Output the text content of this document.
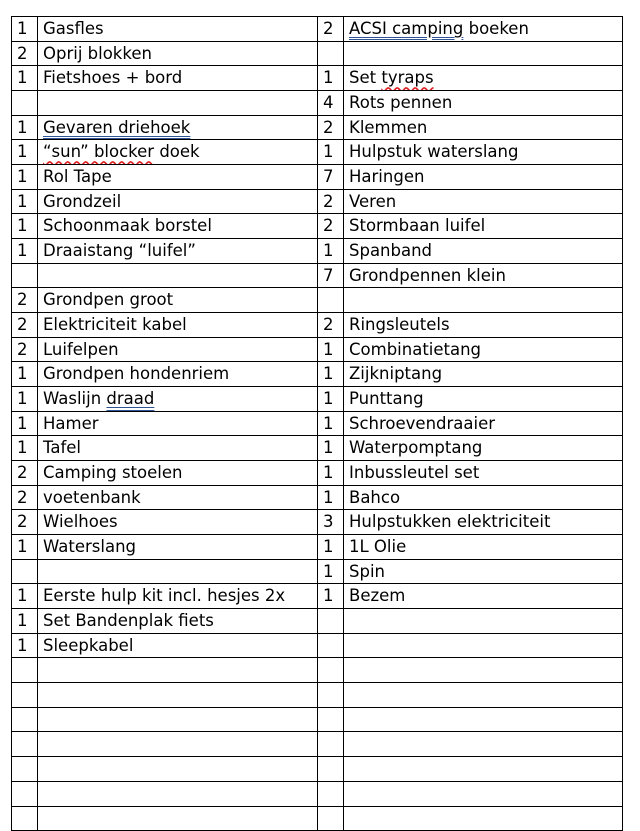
1	Gasfles	2	ACSI camping boeken
2	Oprij blokken		
1	Fietshoes + bord	1	Set tyraps
		4	Rots pennen
1	Gevaren driehoek	2	Klemmen
1	“sun” blocker doek	1	Hulpstuk waterslang
1	Rol Tape	7	Haringen
1	Grondzeil	2	Veren
1	Schoonmaak borstel	2	Stormbaan luifel
1	Draaistang “luifel”	1	Spanband
		7	Grondpennen klein
2	Grondpen groot		
2	Elektriciteit kabel	2	Ringsleutels
2	Luifelpen	1	Combinatietang
1	Grondpen hondenriem	1	Zijkniptang
1	Waslijn draad	1	Punttang
1	Hamer	1	Schroevendraaier
1	Tafel	1	Waterpomptang
2	Camping stoelen	1	Inbussleutel set
2	voetenbank	1	Bahco
2	Wielhoes	3	Hulpstukken elektriciteit
1	Waterslang	1	1L Olie
		1	Spin
1	Eerste hulp kit incl. hesjes 2x	1	Bezem
1	Set Bandenplak fiets		
1	Sleepkabel		
